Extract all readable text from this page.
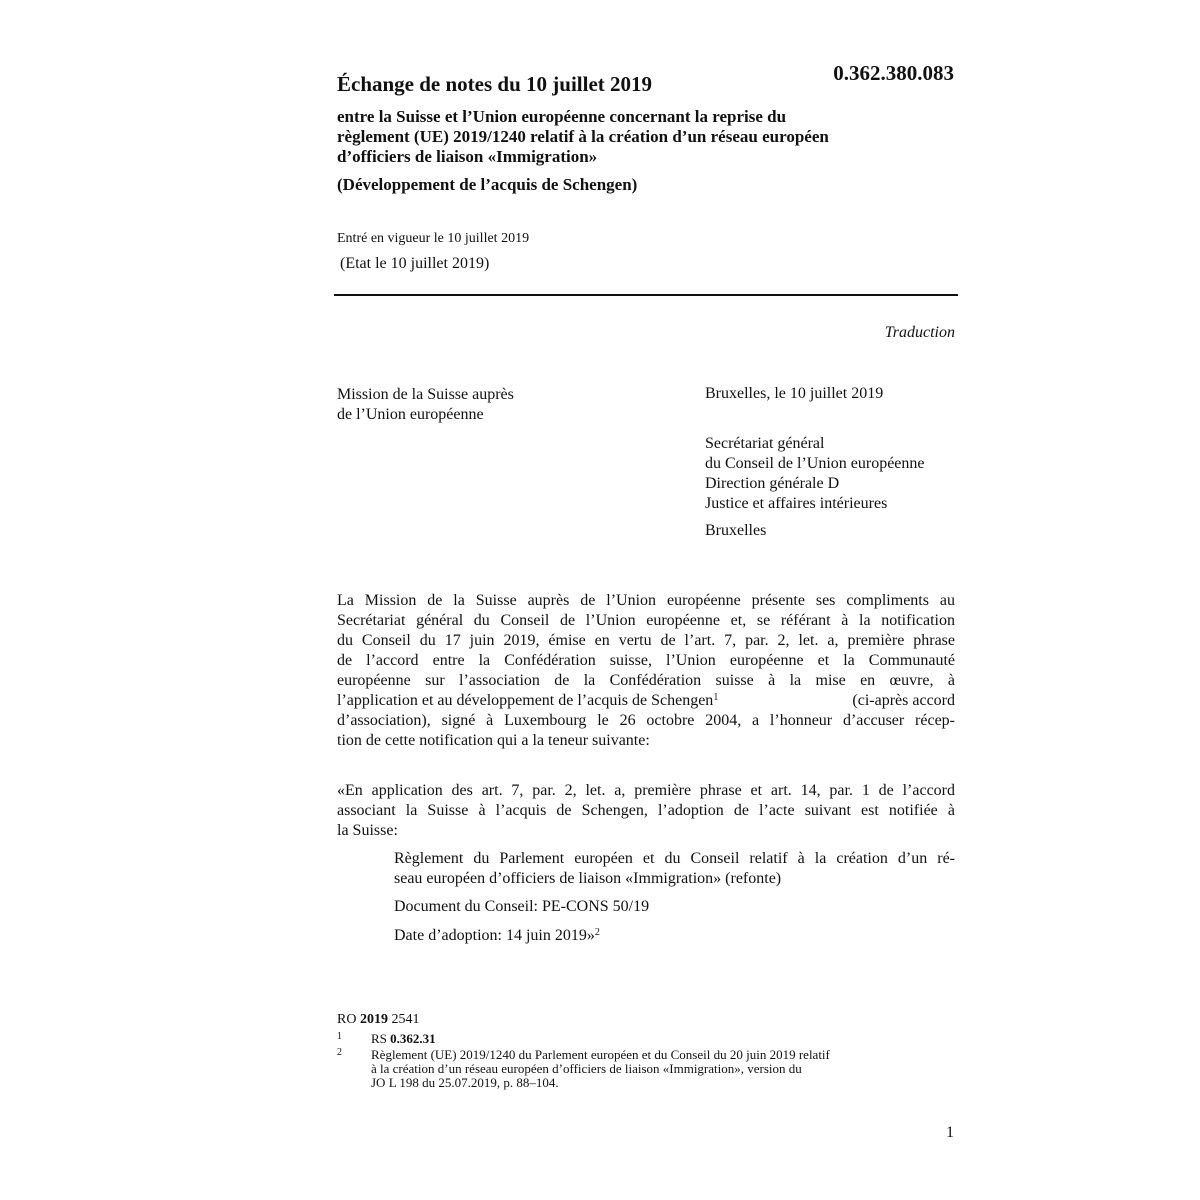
Échange de notes du 10 juillet 2019	0.362.380.083
entre la Suisse et l’Union européenne concernant la reprise du
règlement (UE) 2019/1240 relatif à la création d’un réseau européen
d’officiers de liaison «Immigration»
(Développement de l’acquis de Schengen)
Entré en vigueur le 10 juillet 2019
(Etat le 10 juillet 2019)
Traduction
Mission de la Suisse auprès
de l’Union européenne
Bruxelles, le 10 juillet 2019
Secrétariat général
du Conseil de l’Union européenne
Direction générale D
Justice et affaires intérieures
Bruxelles
La Mission de la Suisse auprès de l’Union européenne présente ses compliments au
Secrétariat général du Conseil de l’Union européenne et, se référant à la notification
du Conseil du 17 juin 2019, émise en vertu de l’art. 7, par. 2, let. a, première phrase
de l’accord entre la Confédération suisse, l’Union européenne et la Communauté
européenne sur l’association de la Confédération suisse à la mise en œuvre, à
l’application et au développement de l’acquis de Schengen$^1$	(ci-après accord
d’association), signé à Luxembourg le 26 octobre 2004, a l’honneur d’accuser récep-
tion de cette notification qui a la teneur suivante:
«En application des art. 7, par. 2, let. a, première phrase et art. 14, par. 1 de l’accord
associant la Suisse à l’acquis de Schengen, l’adoption de l’acte suivant est notifiée à
la Suisse:
Règlement du Parlement européen et du Conseil relatif à la création d’un ré-
seau européen d’officiers de liaison «Immigration» (refonte)
Document du Conseil: PE-CONS 50/19
Date d’adoption: 14 juin 2019»$^2$
RO 2019 2541
1 RS 0.362.31
2 Règlement (UE) 2019/1240 du Parlement européen et du Conseil du 20 juin 2019 relatif
à la création d’un réseau européen d’officiers de liaison «Immigration», version du
JO L 198 du 25.07.2019, p. 88–104.
1
